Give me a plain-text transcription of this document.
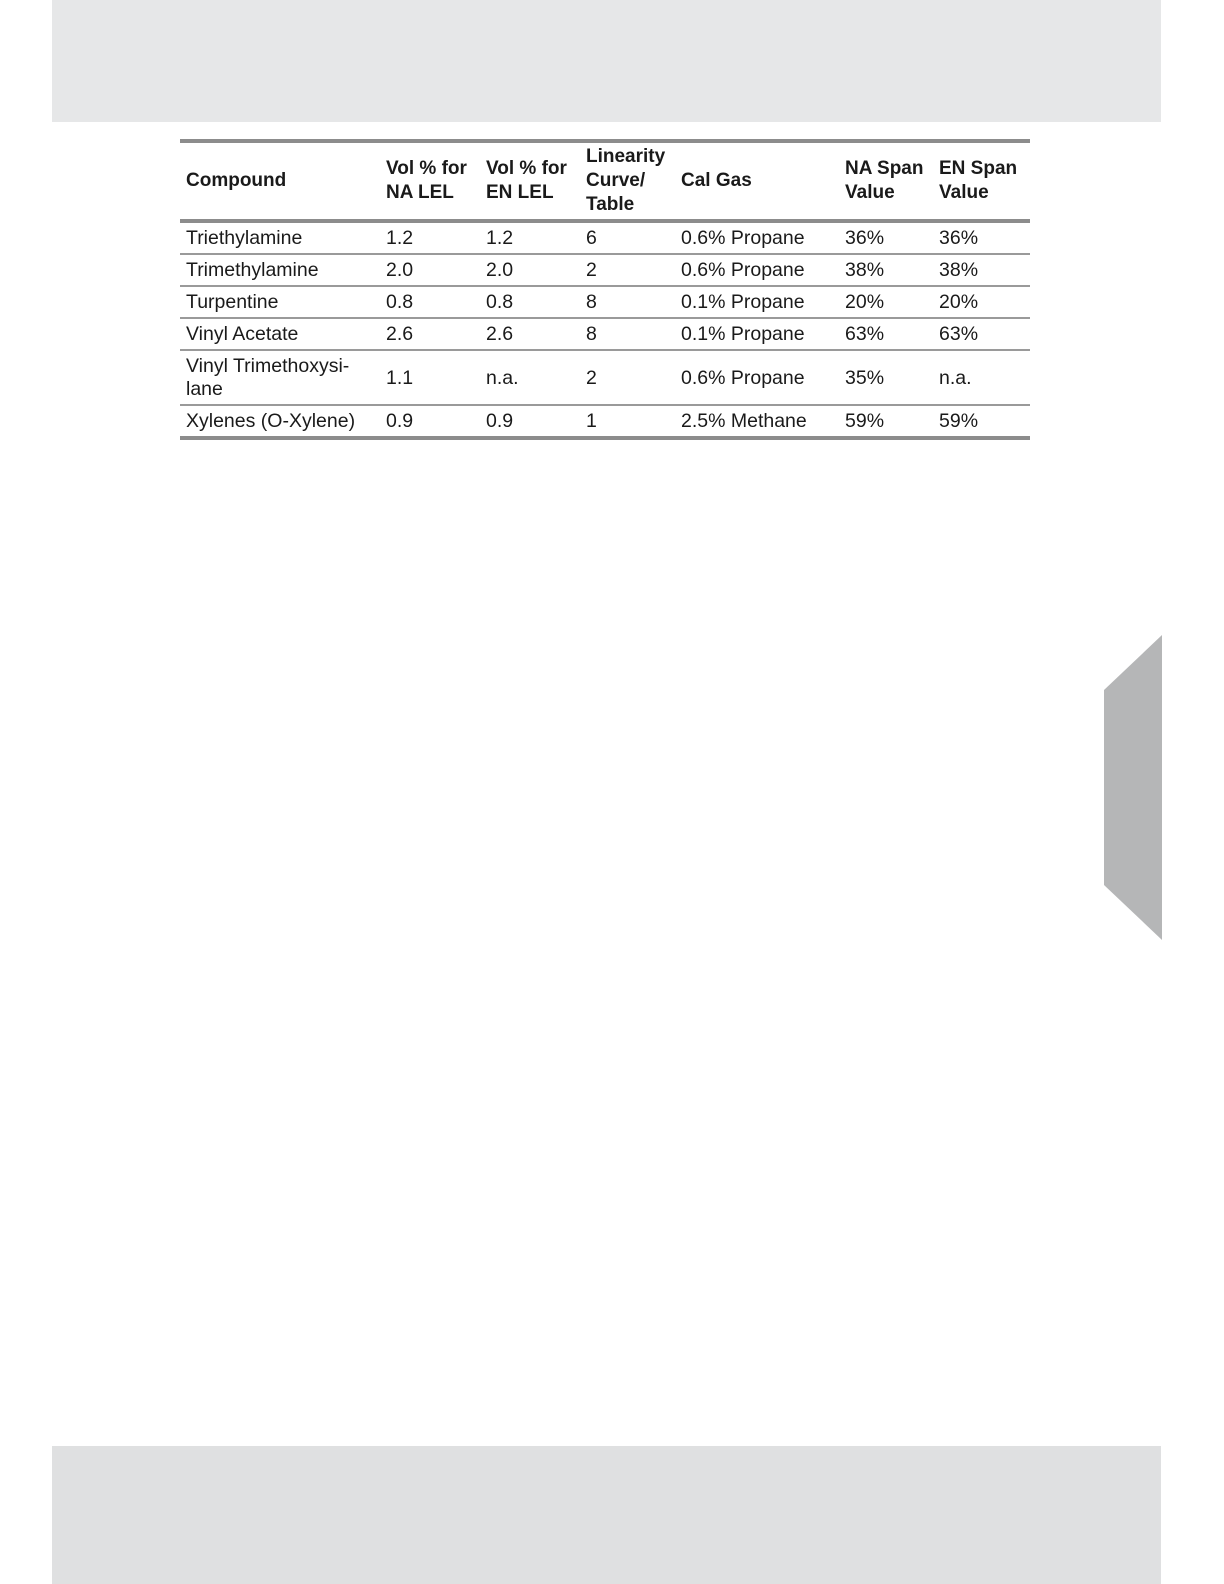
Compound	Vol % for NA LEL	Vol % for EN LEL	Linearity Curve/ Table	Cal Gas	NA Span Value	EN Span Value
Triethylamine	1.2	1.2	6	0.6% Propane	36%	36%
Trimethylamine	2.0	2.0	2	0.6% Propane	38%	38%
Turpentine	0.8	0.8	8	0.1% Propane	20%	20%
Vinyl Acetate	2.6	2.6	8	0.1% Propane	63%	63%
Vinyl Trimethoxysi-lane	1.1	n.a.	2	0.6% Propane	35%	n.a.
Xylenes (O-Xylene)	0.9	0.9	1	2.5% Methane	59%	59%
